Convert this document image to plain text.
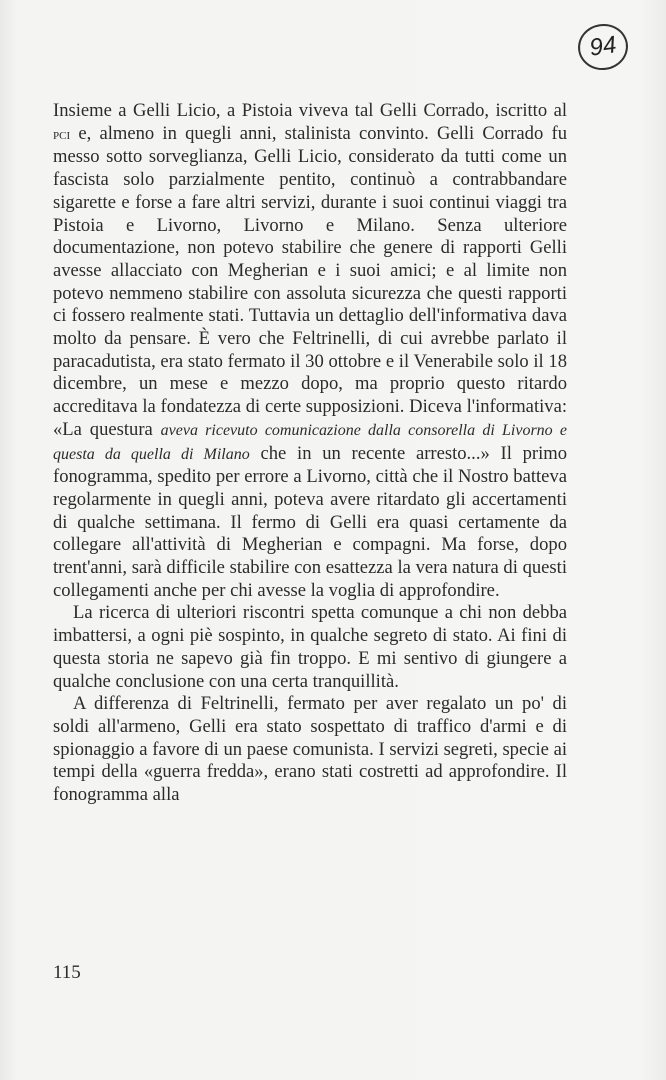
94

Insieme a Gelli Licio, a Pistoia viveva tal Gelli Corrado, iscritto al pci e, almeno in quegli anni, stalinista convinto. Gelli Corrado fu messo sotto sorveglianza, Gelli Licio, considerato da tutti come un fascista solo parzialmente pentito, continuò a contrabbandare sigarette e forse a fare altri servizi, durante i suoi continui viaggi tra Pistoia e Livorno, Livorno e Milano. Senza ulteriore documentazione, non potevo stabilire che genere di rapporti Gelli avesse allacciato con Megherian e i suoi amici; e al limite non potevo nemmeno stabilire con assoluta sicurezza che questi rapporti ci fossero realmente stati. Tuttavia un dettaglio dell'informativa dava molto da pensare. È vero che Feltrinelli, di cui avrebbe parlato il paracadutista, era stato fermato il 30 ottobre e il Venerabile solo il 18 dicembre, un mese e mezzo dopo, ma proprio questo ritardo accreditava la fondatezza di certe supposizioni. Diceva l'informativa: «La questura aveva ricevuto comunicazione dalla consorella di Livorno e questa da quella di Milano che in un recente arresto...» Il primo fonogramma, spedito per errore a Livorno, città che il Nostro batteva regolarmente in quegli anni, poteva avere ritardato gli accertamenti di qualche settimana. Il fermo di Gelli era quasi certamente da collegare all'attività di Megherian e compagni. Ma forse, dopo trent'anni, sarà difficile stabilire con esattezza la vera natura di questi collegamenti anche per chi avesse la voglia di approfondire.

La ricerca di ulteriori riscontri spetta comunque a chi non debba imbattersi, a ogni piè sospinto, in qualche segreto di stato. Ai fini di questa storia ne sapevo già fin troppo. E mi sentivo di giungere a qualche conclusione con una certa tranquillità.

A differenza di Feltrinelli, fermato per aver regalato un po' di soldi all'armeno, Gelli era stato sospettato di traffico d'armi e di spionaggio a favore di un paese comunista. I servizi segreti, specie ai tempi della «guerra fredda», erano stati costretti ad approfondire. Il fonogramma alla

115
